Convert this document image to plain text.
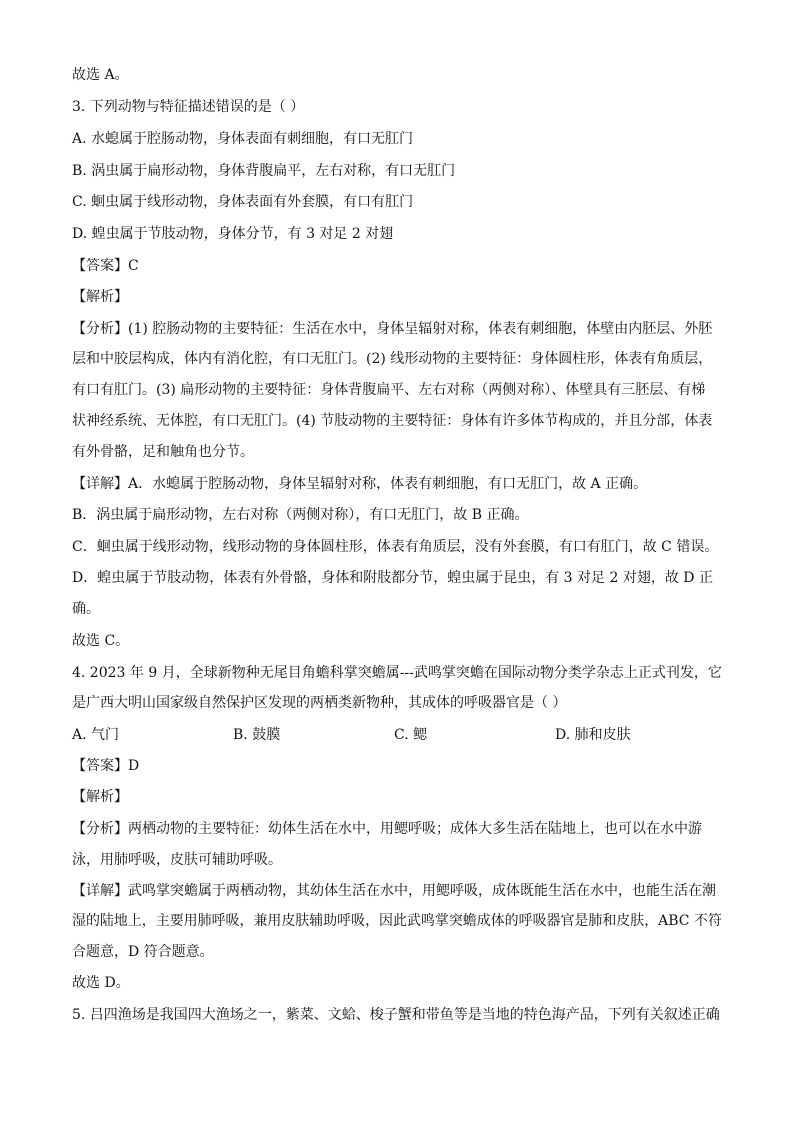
故选 A。
3. 下列动物与特征描述错误的是（ ）
A. 水螅属于腔肠动物，身体表面有刺细胞，有口无肛门
B. 涡虫属于扁形动物，身体背腹扁平，左右对称，有口无肛门
C. 蛔虫属于线形动物，身体表面有外套膜，有口有肛门
D. 蝗虫属于节肢动物，身体分节，有 3 对足 2 对翅
【答案】C
【解析】
【分析】(1) 腔肠动物的主要特征：生活在水中，身体呈辐射对称，体表有刺细胞，体壁由内胚层、外胚
层和中胶层构成，体内有消化腔，有口无肛门。(2) 线形动物的主要特征：身体圆柱形，体表有角质层，
有口有肛门。(3) 扁形动物的主要特征：身体背腹扁平、左右对称（两侧对称）、体壁具有三胚层、有梯
状神经系统、无体腔，有口无肛门。(4) 节肢动物的主要特征：身体有许多体节构成的，并且分部，体表
有外骨骼，足和触角也分节。
【详解】A．水螅属于腔肠动物，身体呈辐射对称，体表有刺细胞，有口无肛门，故 A 正确。
B．涡虫属于扁形动物，左右对称（两侧对称），有口无肛门，故 B 正确。
C．蛔虫属于线形动物，线形动物的身体圆柱形，体表有角质层，没有外套膜，有口有肛门，故 C 错误。
D．蝗虫属于节肢动物，体表有外骨骼，身体和附肢都分节，蝗虫属于昆虫，有 3 对足 2 对翅，故 D 正
确。
故选 C。
4. 2023 年 9 月，全球新物种无尾目角蟾科掌突蟾属---武鸣掌突蟾在国际动物分类学杂志上正式刊发，它
是广西大明山国家级自然保护区发现的两栖类新物种，其成体的呼吸器官是（ ）
A. 气门	B. 鼓膜	C. 鳃	D. 肺和皮肤
【答案】D
【解析】
【分析】两栖动物的主要特征：幼体生活在水中，用鳃呼吸；成体大多生活在陆地上，也可以在水中游
泳，用肺呼吸，皮肤可辅助呼吸。
【详解】武鸣掌突蟾属于两栖动物，其幼体生活在水中，用鳃呼吸，成体既能生活在水中，也能生活在潮
湿的陆地上，主要用肺呼吸，兼用皮肤辅助呼吸，因此武鸣掌突蟾成体的呼吸器官是肺和皮肤，ABC 不符
合题意，D 符合题意。
故选 D。
5. 吕四渔场是我国四大渔场之一，紫菜、文蛤、梭子蟹和带鱼等是当地的特色海产品，下列有关叙述正确
